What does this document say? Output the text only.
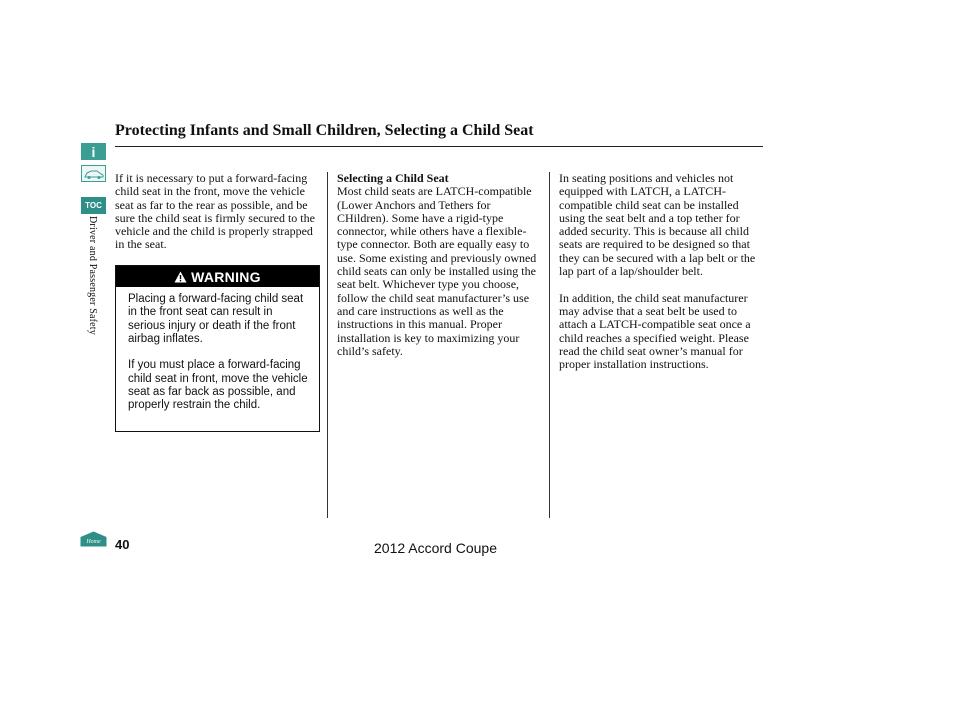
Protecting Infants and Small Children, Selecting a Child Seat
i
TOC
Driver and Passenger Safety

If it is necessary to put a forward-facing child seat in the front, move the vehicle seat as far to the rear as possible, and be sure the child seat is firmly secured to the vehicle and the child is properly strapped in the seat.

WARNING

Placing a forward-facing child seat in the front seat can result in serious injury or death if the front airbag inflates.

If you must place a forward-facing child seat in front, move the vehicle seat as far back as possible, and properly restrain the child.

Selecting a Child Seat

Most child seats are LATCH-compatible (Lower Anchors and Tethers for CHildren). Some have a rigid-type connector, while others have a flexible-type connector. Both are equally easy to use. Some existing and previously owned child seats can only be installed using the seat belt. Whichever type you choose, follow the child seat manufacturer’s use and care instructions as well as the instructions in this manual. Proper installation is key to maximizing your child’s safety.

In seating positions and vehicles not equipped with LATCH, a LATCH-compatible child seat can be installed using the seat belt and a top tether for added security. This is because all child seats are required to be designed so that they can be secured with a lap belt or the lap part of a lap/shoulder belt.

In addition, the child seat manufacturer may advise that a seat belt be used to attach a LATCH-compatible seat once a child reaches a specified weight. Please read the child seat owner’s manual for proper installation instructions.

Home 40	2012 Accord Coupe
